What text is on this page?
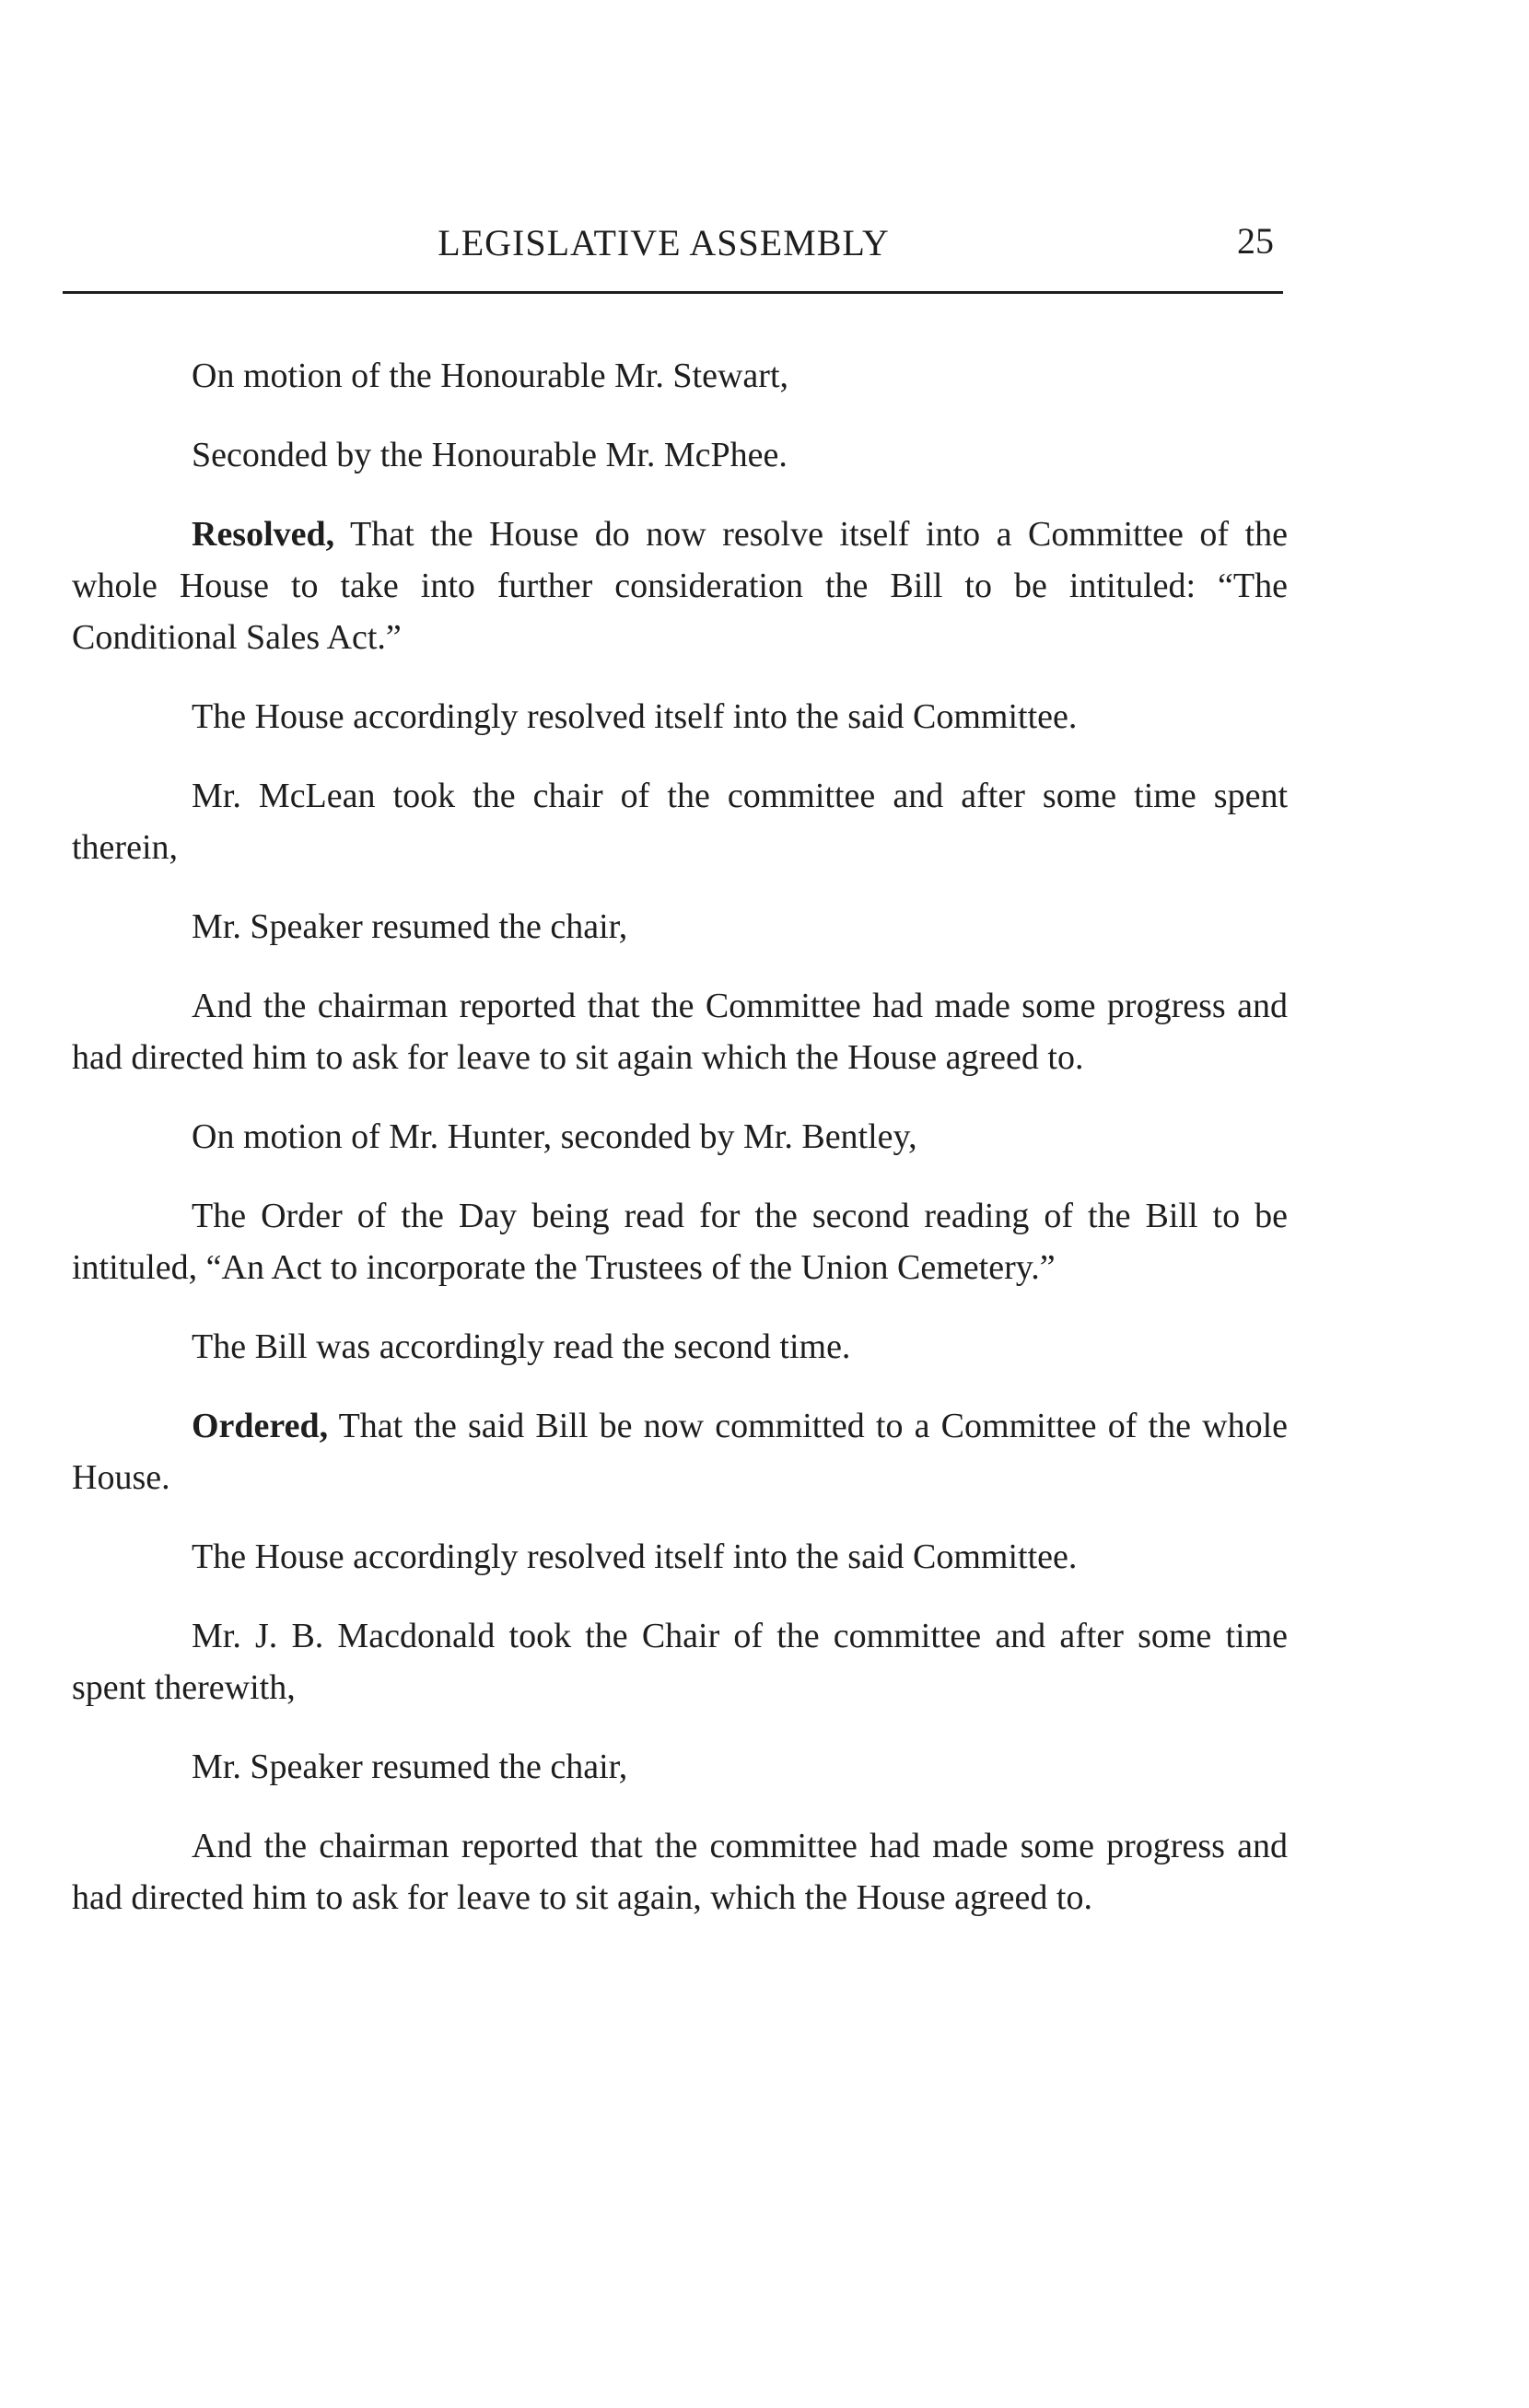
LEGISLATIVE ASSEMBLY	25

On motion of the Honourable Mr. Stewart,

Seconded by the Honourable Mr. McPhee.

Resolved, That the House do now resolve itself into a Committee of the whole House to take into further consideration the Bill to be intituled: “The Conditional Sales Act.”

The House accordingly resolved itself into the said Committee.

Mr. McLean took the chair of the committee and after some time spent therein,

Mr. Speaker resumed the chair,

And the chairman reported that the Committee had made some progress and had directed him to ask for leave to sit again which the House agreed to.

On motion of Mr. Hunter, seconded by Mr. Bentley,

The Order of the Day being read for the second reading of the Bill to be intituled, “An Act to incorporate the Trustees of the Union Cemetery.”

The Bill was accordingly read the second time.

Ordered, That the said Bill be now committed to a Committee of the whole House.

The House accordingly resolved itself into the said Committee.

Mr. J. B. Macdonald took the Chair of the committee and after some time spent therewith,

Mr. Speaker resumed the chair,

And the chairman reported that the committee had made some progress and had directed him to ask for leave to sit again, which the House agreed to.
